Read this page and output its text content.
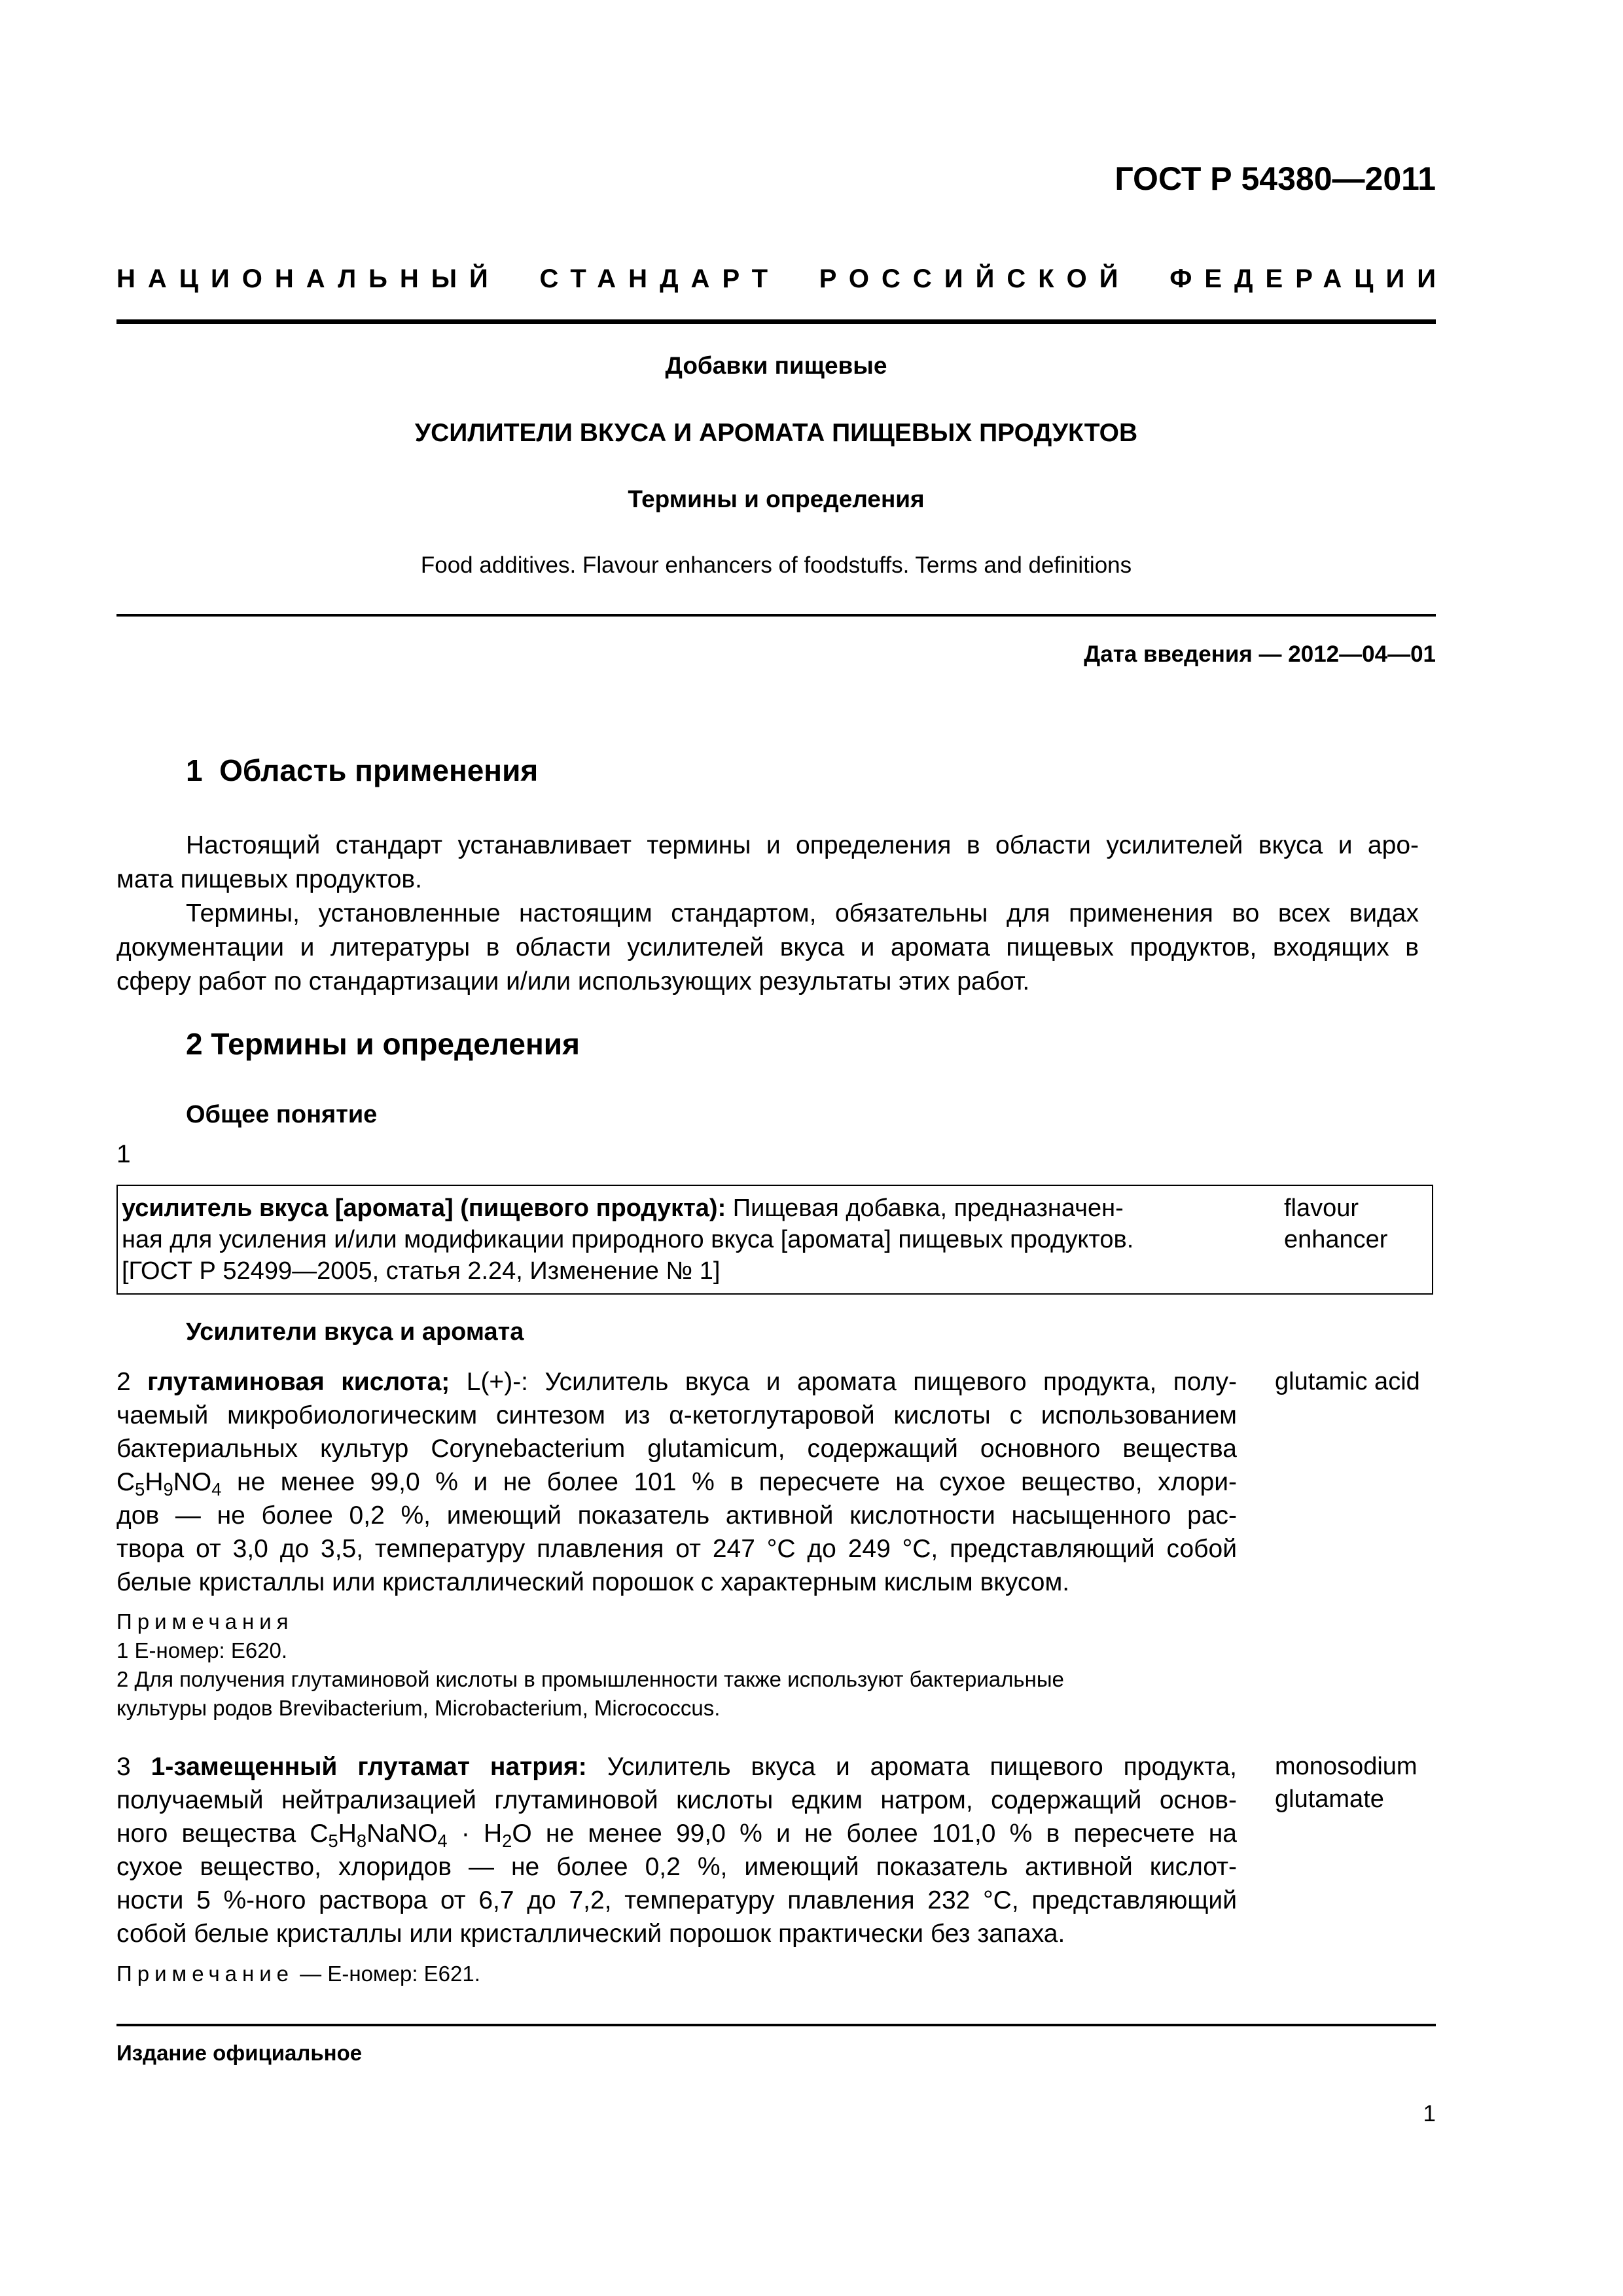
ГОСТ Р 54380—2011
НАЦИОНАЛЬНЫЙ СТАНДАРТ РОССИЙСКОЙ ФЕДЕРАЦИИ
Добавки пищевые
УСИЛИТЕЛИ ВКУСА И АРОМАТА ПИЩЕВЫХ ПРОДУКТОВ
Термины и определения
Food additives. Flavour enhancers of foodstuffs. Terms and definitions
Дата введения — 2012—04—01
1  Область применения
Настоящий стандарт устанавливает термины и определения в области усилителей вкуса и аро-
мата пищевых продуктов.
Термины, установленные настоящим стандартом, обязательны для применения во всех видах
документации и литературы в области усилителей вкуса и аромата пищевых продуктов, входящих в
сферу работ по стандартизации и/или использующих результаты этих работ.
2 Термины и определения
Общее понятие
1
усилитель вкуса [аромата] (пищевого продукта): Пищевая добавка, предназначен-
ная для усиления и/или модификации природного вкуса [аромата] пищевых продуктов.
[ГОСТ Р 52499—2005, статья 2.24, Изменение № 1]
flavour
enhancer
Усилители вкуса и аромата
2 глутаминовая кислота; L(+)-: Усилитель вкуса и аромата пищевого продукта, полу-
чаемый микробиологическим синтезом из α-кетоглутаровой кислоты с использованием
бактериальных культур Corynebacterium glutamicum, содержащий основного вещества
$C_5H_9NO_4$ не менее 99,0 % и не более 101 % в пересчете на сухое вещество, хлори-
дов — не более 0,2 %, имеющий показатель активной кислотности насыщенного рас-
твора от 3,0 до 3,5, температуру плавления от 247 °С до 249 °С, представляющий собой
белые кристаллы или кристаллический порошок с характерным кислым вкусом.
glutamic acid
Примечания
1 Е-номер: Е620.
2 Для получения глутаминовой кислоты в промышленности также используют бактериальные
культуры родов Brevibacterium, Microbacterium, Micrococcus.
3 1-замещенный глутамат натрия: Усилитель вкуса и аромата пищевого продукта,
получаемый нейтрализацией глутаминовой кислоты едким натром, содержащий основ-
ного вещества $C_5H_8NaNO_4 \cdot H_2O$ не менее 99,0 % и не более 101,0 % в пересчете на
сухое вещество, хлоридов — не более 0,2 %, имеющий показатель активной кислот-
ности 5 %-ного раствора от 6,7 до 7,2, температуру плавления 232 °С, представляющий
собой белые кристаллы или кристаллический порошок практически без запаха.
monosodium
glutamate
Примечание — Е-номер: Е621.
Издание официальное
1
